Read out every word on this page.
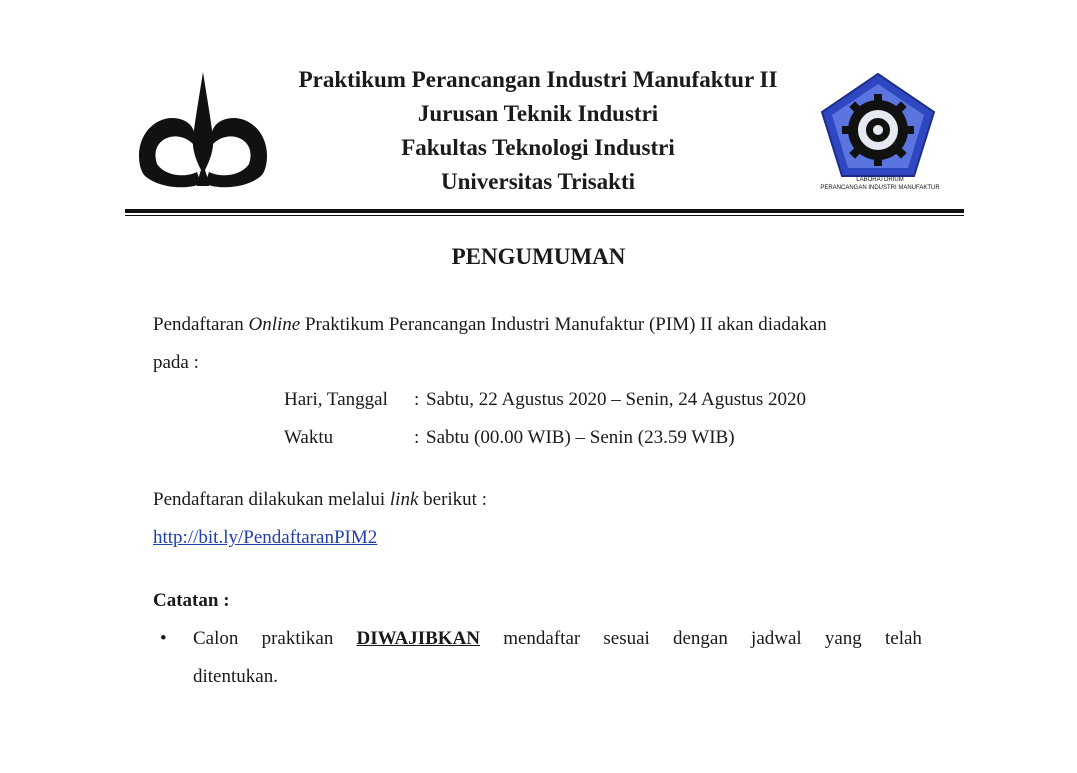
Praktikum Perancangan Industri Manufaktur II
Jurusan Teknik Industri
Fakultas Teknologi Industri
Universitas Trisakti	LABORATORIUM
PERANCANGAN INDUSTRI MANUFAKTUR
PENGUMUMAN
Pendaftaran Online Praktikum Perancangan Industri Manufaktur (PIM) II akan diadakan
pada :
Hari, Tanggal : Sabtu, 22 Agustus 2020 – Senin, 24 Agustus 2020
Waktu	: Sabtu (00.00 WIB) – Senin (23.59 WIB)
Pendaftaran dilakukan melalui link berikut :
http://bit.ly/PendaftaranPIM2
Catatan :
• Calon praktikan DIWAJIBKAN mendaftar sesuai dengan jadwal yang telah
ditentukan.
